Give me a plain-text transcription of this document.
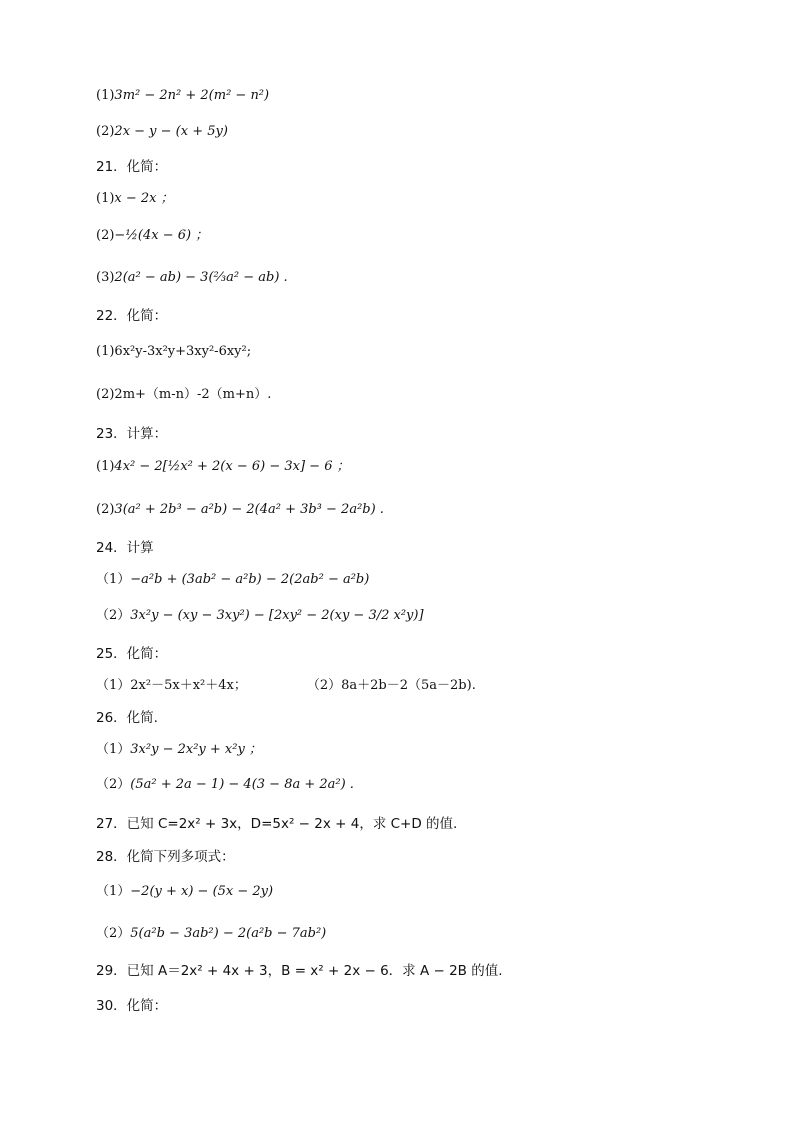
(1)3m² − 2n² + 2(m² − n²)
(2)2x − y − (x + 5y)
21．化简：
(1)x − 2x ；
(2)−½(4x − 6) ；
(3)2(a² − ab) − 3(⅔a² − ab) .
22．化简：
(1)6x²y-3x²y+3xy²-6xy²;
(2)2m+（m-n）-2（m+n）.
23．计算：
(1)4x² − 2[½x² + 2(x − 6) − 3x] − 6 ；
(2)3(a² + 2b³ − a²b) − 2(4a² + 3b³ − 2a²b) .
24．计算
（1）−a²b + (3ab² − a²b) − 2(2ab² − a²b)
（2）3x²y − (xy − 3xy²) − [2xy² − 2(xy − 3/2 x²y)]
25．化简：
（1）2x²－5x＋x²＋4x；	（2）8a＋2b－2（5a－2b).
26．化简.
（1）3x²y − 2x²y + x²y ；
（2）(5a² + 2a − 1) − 4(3 − 8a + 2a²) .
27．已知 C=2x² + 3x，D=5x² − 2x + 4，求 C+D 的值.
28．化简下列多项式：
（1）−2(y + x) − (5x − 2y)
（2）5(a²b − 3ab²) − 2(a²b − 7ab²)
29．已知 A＝2x² + 4x + 3，B = x² + 2x − 6．求 A − 2B 的值.
30．化简：
